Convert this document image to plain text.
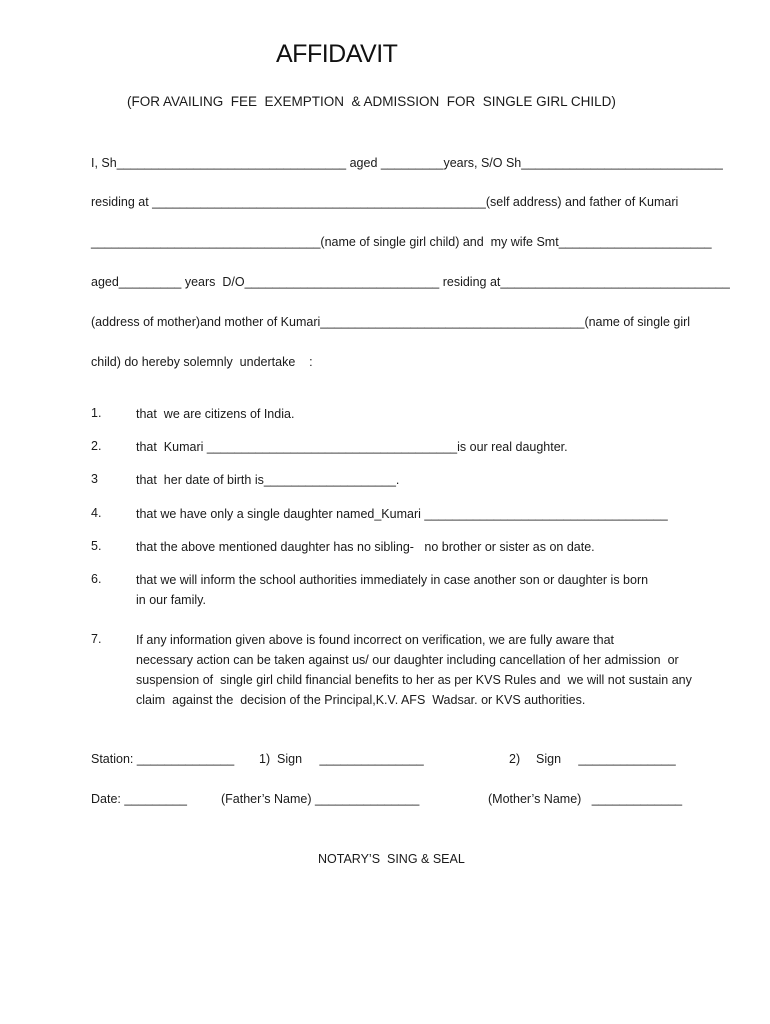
AFFIDAVIT
(FOR AVAILING  FEE  EXEMPTION  & ADMISSION  FOR  SINGLE GIRL CHILD)
I, Sh_________________________________ aged _________years, S/O Sh_____________________________
residing at ________________________________________________(self address) and father of Kumari
_________________________________(name of single girl child) and  my wife Smt______________________
aged_________ years  D/O____________________________ residing at_________________________________
(address of mother)and mother of Kumari______________________________________(name of single girl
child) do hereby solemnly  undertake    :
1.	that  we are citizens of India.
2.	that  Kumari ____________________________________is our real daughter.
3	that  her date of birth is___________________.
4.	that we have only a single daughter named_Kumari ___________________________________
5.	that the above mentioned daughter has no sibling-   no brother or sister as on date.
6.	that we will inform the school authorities immediately in case another son or daughter is born
in our family.
7.	If any information given above is found incorrect on verification, we are fully aware that
necessary action can be taken against us/ our daughter including cancellation of her admission  or
suspension of  single girl child financial benefits to her as per KVS Rules and  we will not sustain any
claim  against the  decision of the Principal,K.V. AFS  Wadsar. or KVS authorities.
Station: ______________ 1)  Sign     _______________	2) Sign     ______________
Date: _________	(Father’s Name) _______________	(Mother’s Name)   _____________
NOTARY’S  SING & SEAL
